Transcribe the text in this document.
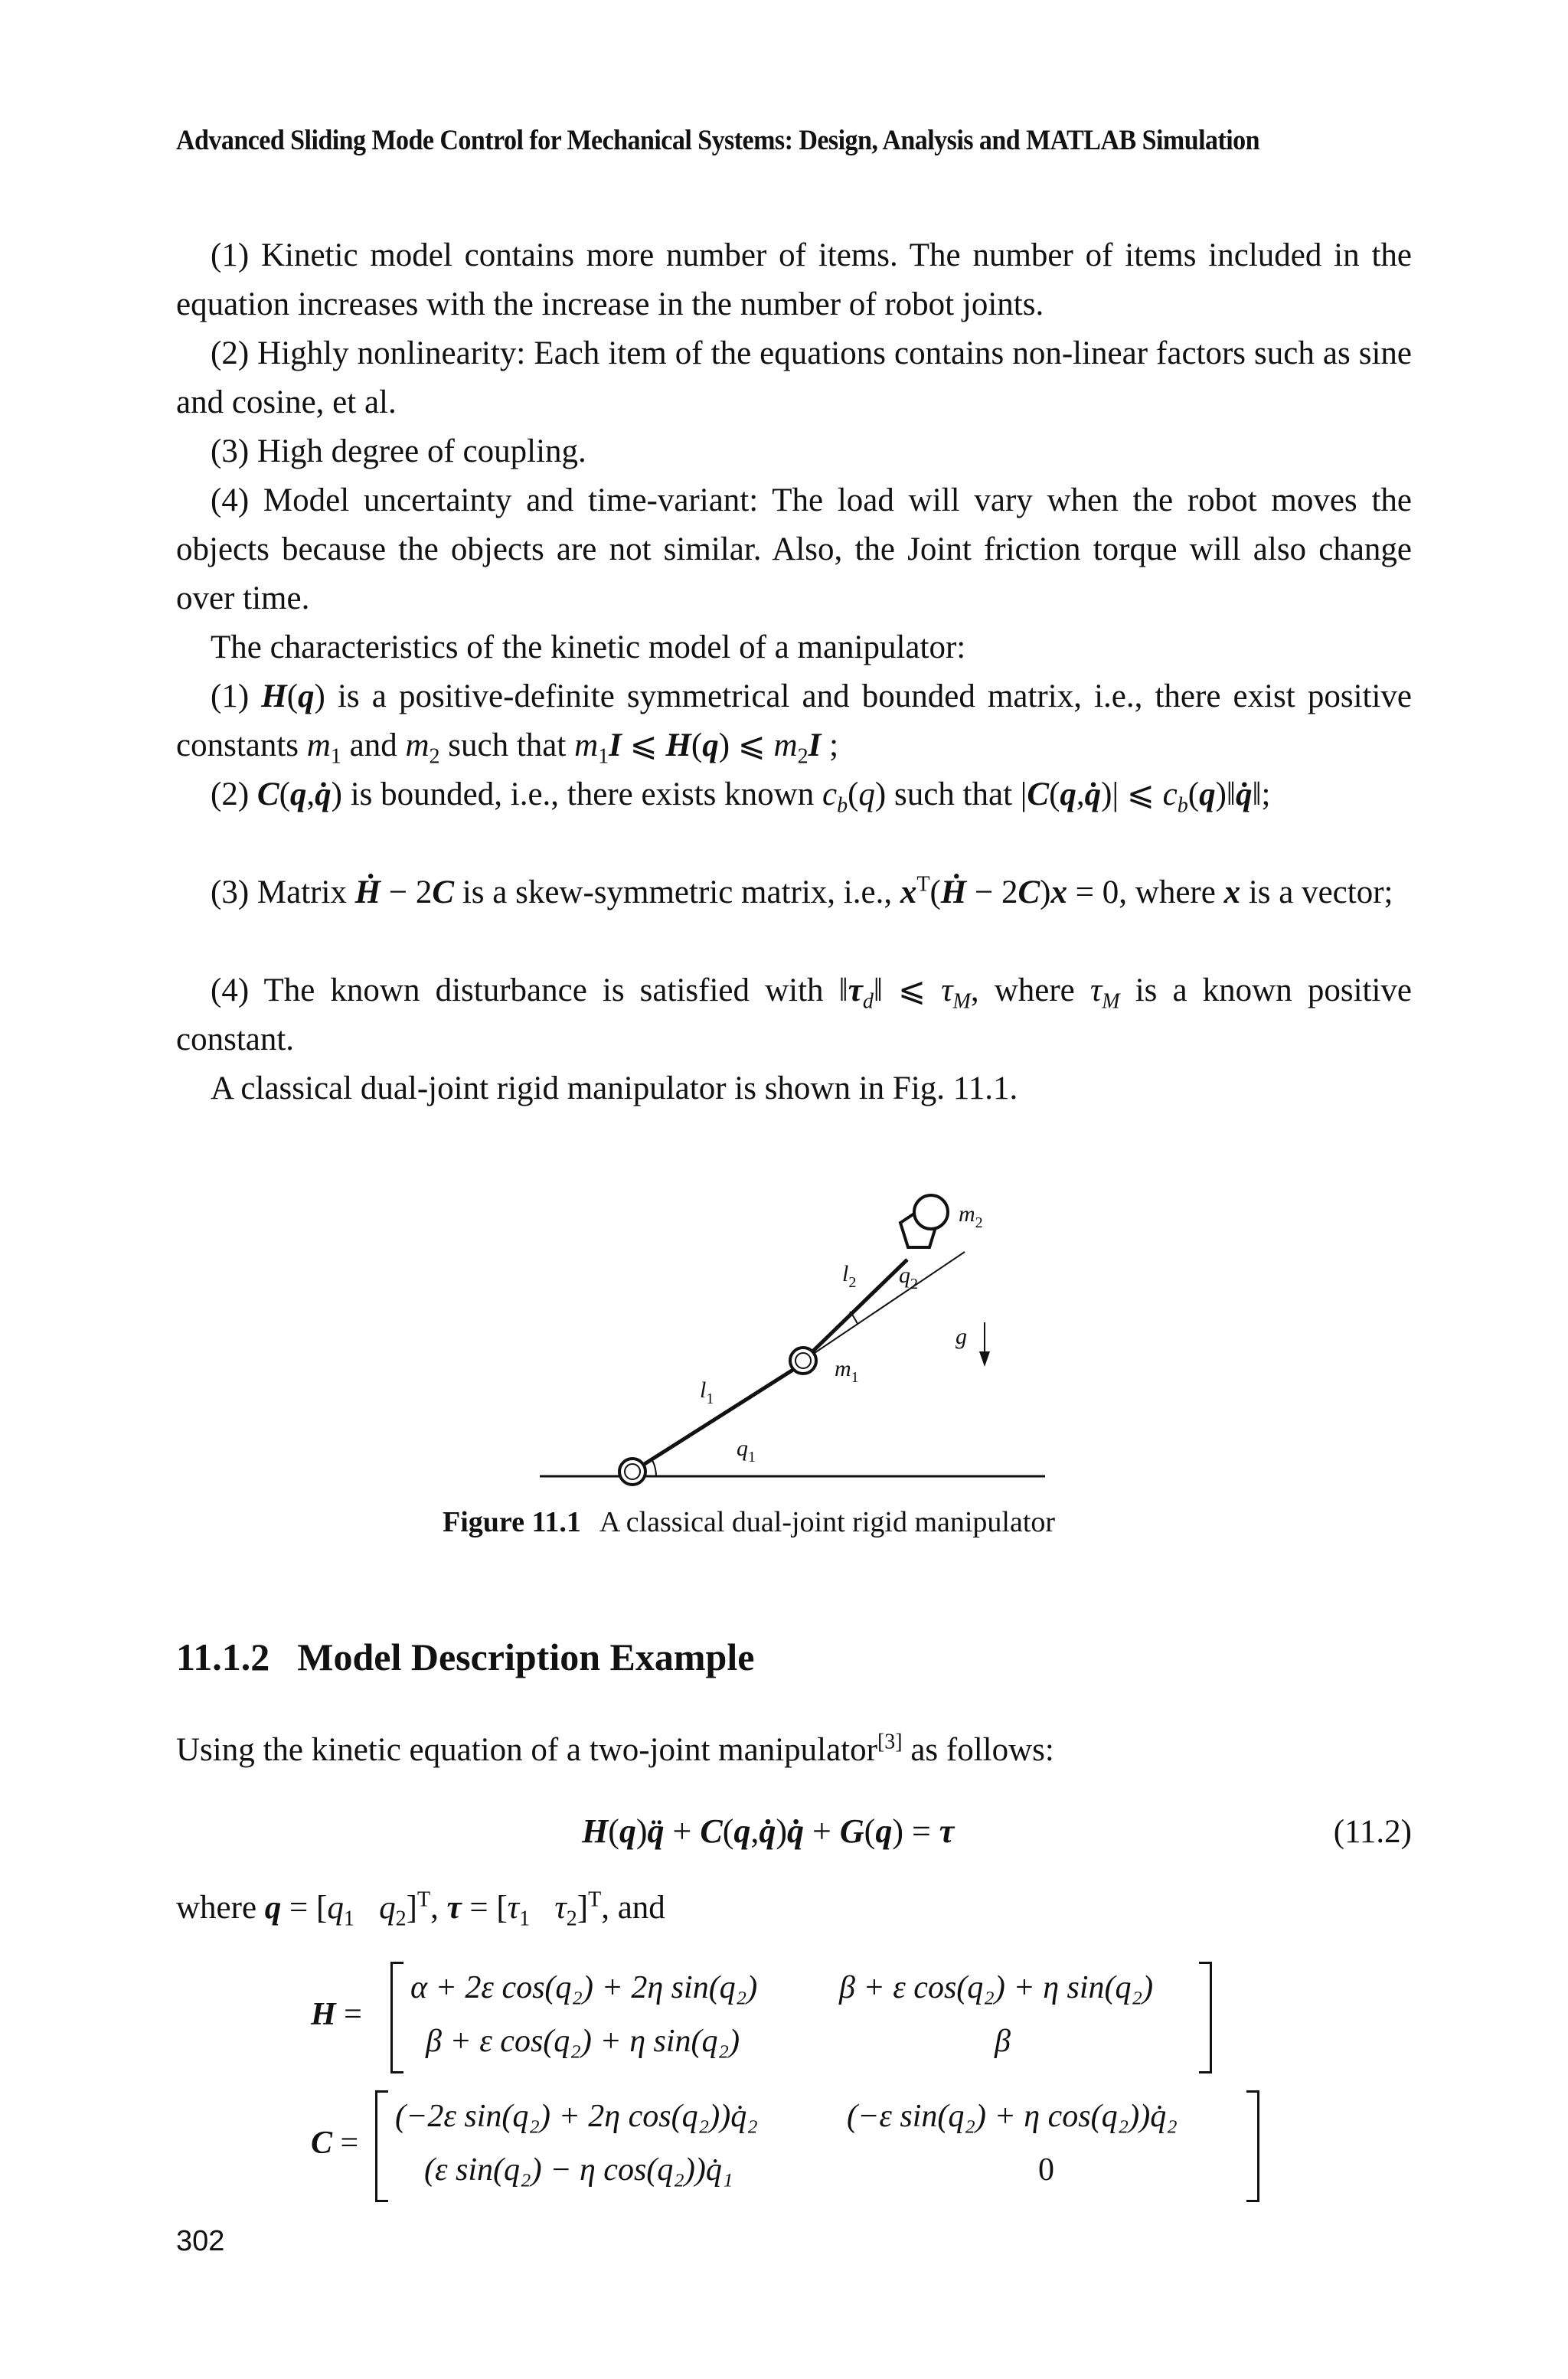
Advanced Sliding Mode Control for Mechanical Systems: Design, Analysis and MATLAB Simulation

(1) Kinetic model contains more number of items. The number of items included in the equation increases with the increase in the number of robot joints.

(2) Highly nonlinearity: Each item of the equations contains non-linear factors such as sine and cosine, et al.

(3) High degree of coupling.

(4) Model uncertainty and time-variant: The load will vary when the robot moves the objects because the objects are not similar. Also, the Joint friction torque will also change over time.

The characteristics of the kinetic model of a manipulator:

(1) H(q) is a positive-definite symmetrical and bounded matrix, i.e., there exist positive constants $m_1$ and $m_2$ such that $m_1I$ ⩽ H(q) ⩽ $m_2I$ ;

(2) C(q,q̇) is bounded, i.e., there exists known $c_b(q)$ such that |C(q,q̇)| ⩽ $c_b(q)‖q̇‖$;

(3) Matrix Ḣ − 2C is a skew-symmetric matrix, i.e., $x^T(Ḣ - 2C)x = 0$, where x is a vector;

(4) The known disturbance is satisfied with $‖\tau_d‖$ ⩽ $\tau_M$, where $\tau_M$ is a known positive constant.

A classical dual-joint rigid manipulator is shown in Fig. 11.1.

$m_2$
$l_2$ $q_2$
g
$m_1$
$l_1$
$q_1$
Figure 11.1 A classical dual-joint rigid manipulator
11.1.2 Model Description Example

Using the kinetic equation of a two-joint manipulator[3] as follows:

H(q)q̈ + C(q,q̇)q̇ + G(q) = τ	(11.2)

where $q = [q_1$ $q_2]^T$, $\tau = [\tau_1$ $\tau_2]^T$, and

H =
α + 2ε cos(q₂) + 2η sin(q₂)	β + ε cos(q₂) + η sin(q₂)
β + ε cos(q₂) + η sin(q₂)	β
C =
(−2ε sin(q₂) + 2η cos(q₂))q̇₂	(−ε sin(q₂) + η cos(q₂))q̇₂
(ε sin(q₂) − η cos(q₂))q̇₁	0
302
